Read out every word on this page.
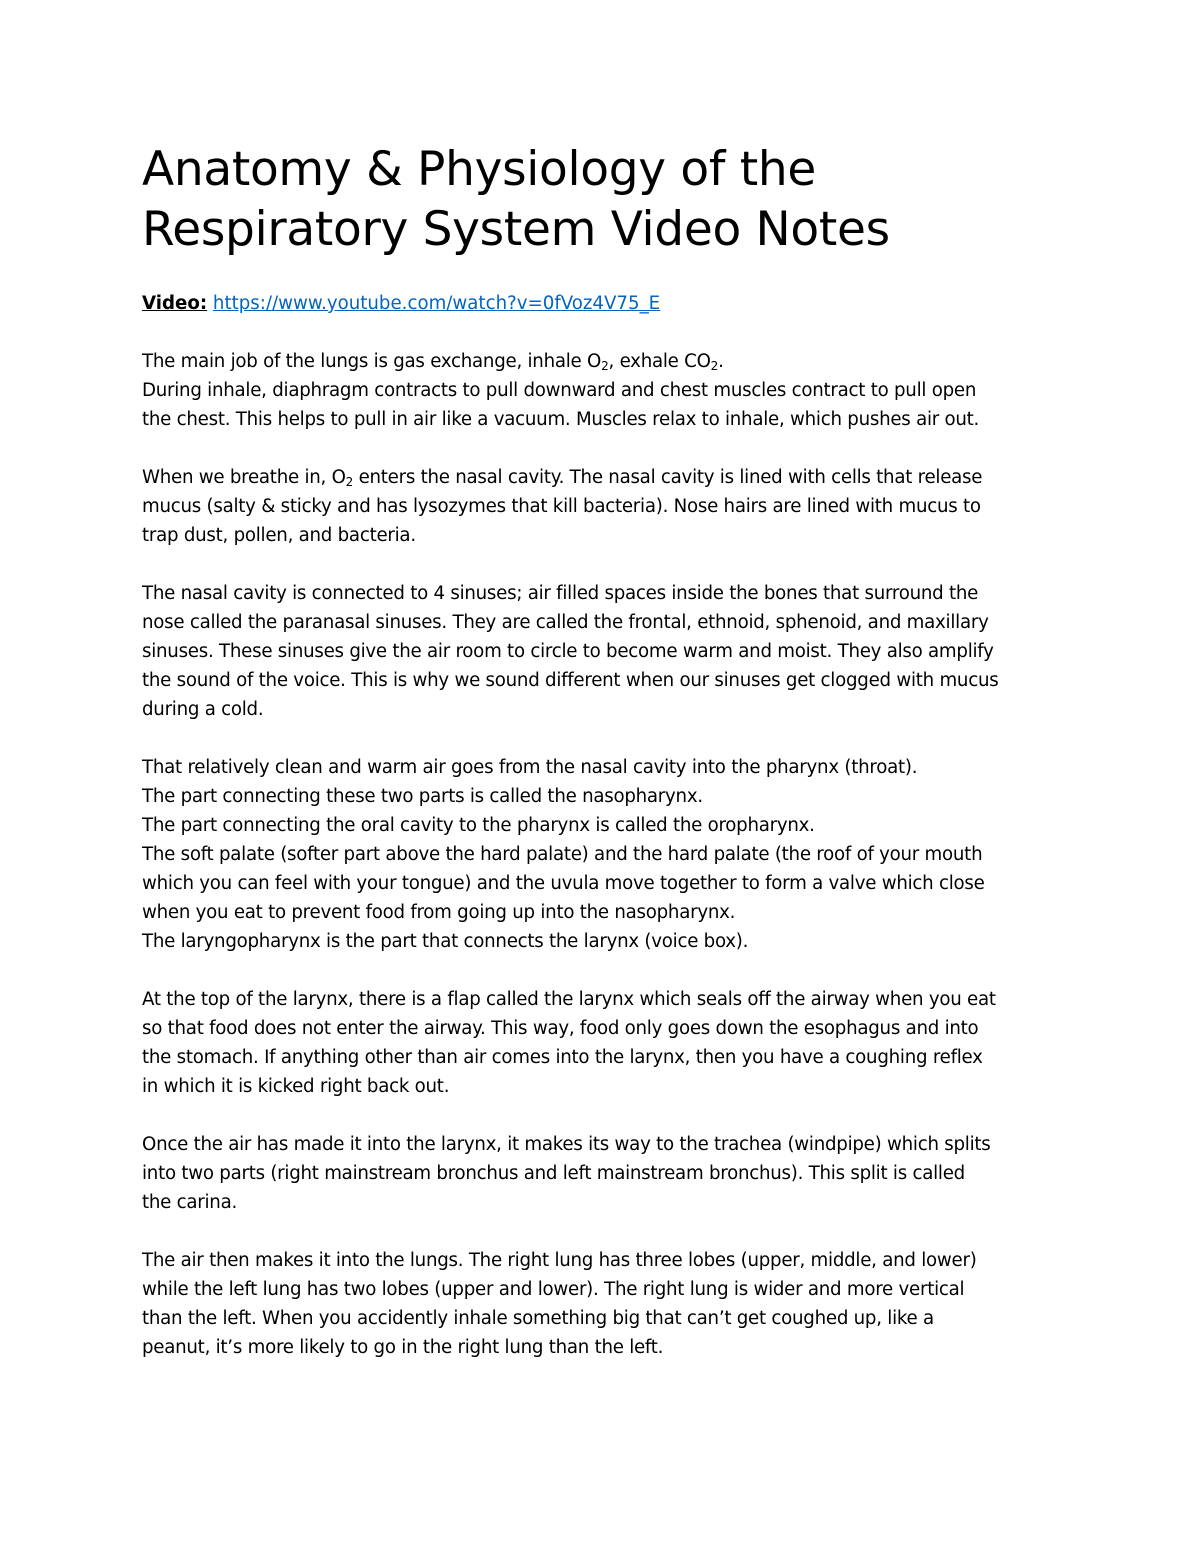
Anatomy & Physiology of the
Respiratory System Video Notes
Video: https://www.youtube.com/watch?v=0fVoz4V75_E
The main job of the lungs is gas exchange, inhale $O_2$, exhale $CO_2$.
During inhale, diaphragm contracts to pull downward and chest muscles contract to pull open
the chest. This helps to pull in air like a vacuum. Muscles relax to inhale, which pushes air out.
When we breathe in, $O_2$ enters the nasal cavity. The nasal cavity is lined with cells that release
mucus (salty & sticky and has lysozymes that kill bacteria). Nose hairs are lined with mucus to
trap dust, pollen, and bacteria.
The nasal cavity is connected to 4 sinuses; air filled spaces inside the bones that surround the
nose called the paranasal sinuses. They are called the frontal, ethnoid, sphenoid, and maxillary
sinuses. These sinuses give the air room to circle to become warm and moist. They also amplify
the sound of the voice. This is why we sound different when our sinuses get clogged with mucus
during a cold.
That relatively clean and warm air goes from the nasal cavity into the pharynx (throat).
The part connecting these two parts is called the nasopharynx.
The part connecting the oral cavity to the pharynx is called the oropharynx.
The soft palate (softer part above the hard palate) and the hard palate (the roof of your mouth
which you can feel with your tongue) and the uvula move together to form a valve which close
when you eat to prevent food from going up into the nasopharynx.
The laryngopharynx is the part that connects the larynx (voice box).
At the top of the larynx, there is a flap called the larynx which seals off the airway when you eat
so that food does not enter the airway. This way, food only goes down the esophagus and into
the stomach. If anything other than air comes into the larynx, then you have a coughing reflex
in which it is kicked right back out.
Once the air has made it into the larynx, it makes its way to the trachea (windpipe) which splits
into two parts (right mainstream bronchus and left mainstream bronchus). This split is called
the carina.
The air then makes it into the lungs. The right lung has three lobes (upper, middle, and lower)
while the left lung has two lobes (upper and lower). The right lung is wider and more vertical
than the left. When you accidently inhale something big that can’t get coughed up, like a
peanut, it’s more likely to go in the right lung than the left.
